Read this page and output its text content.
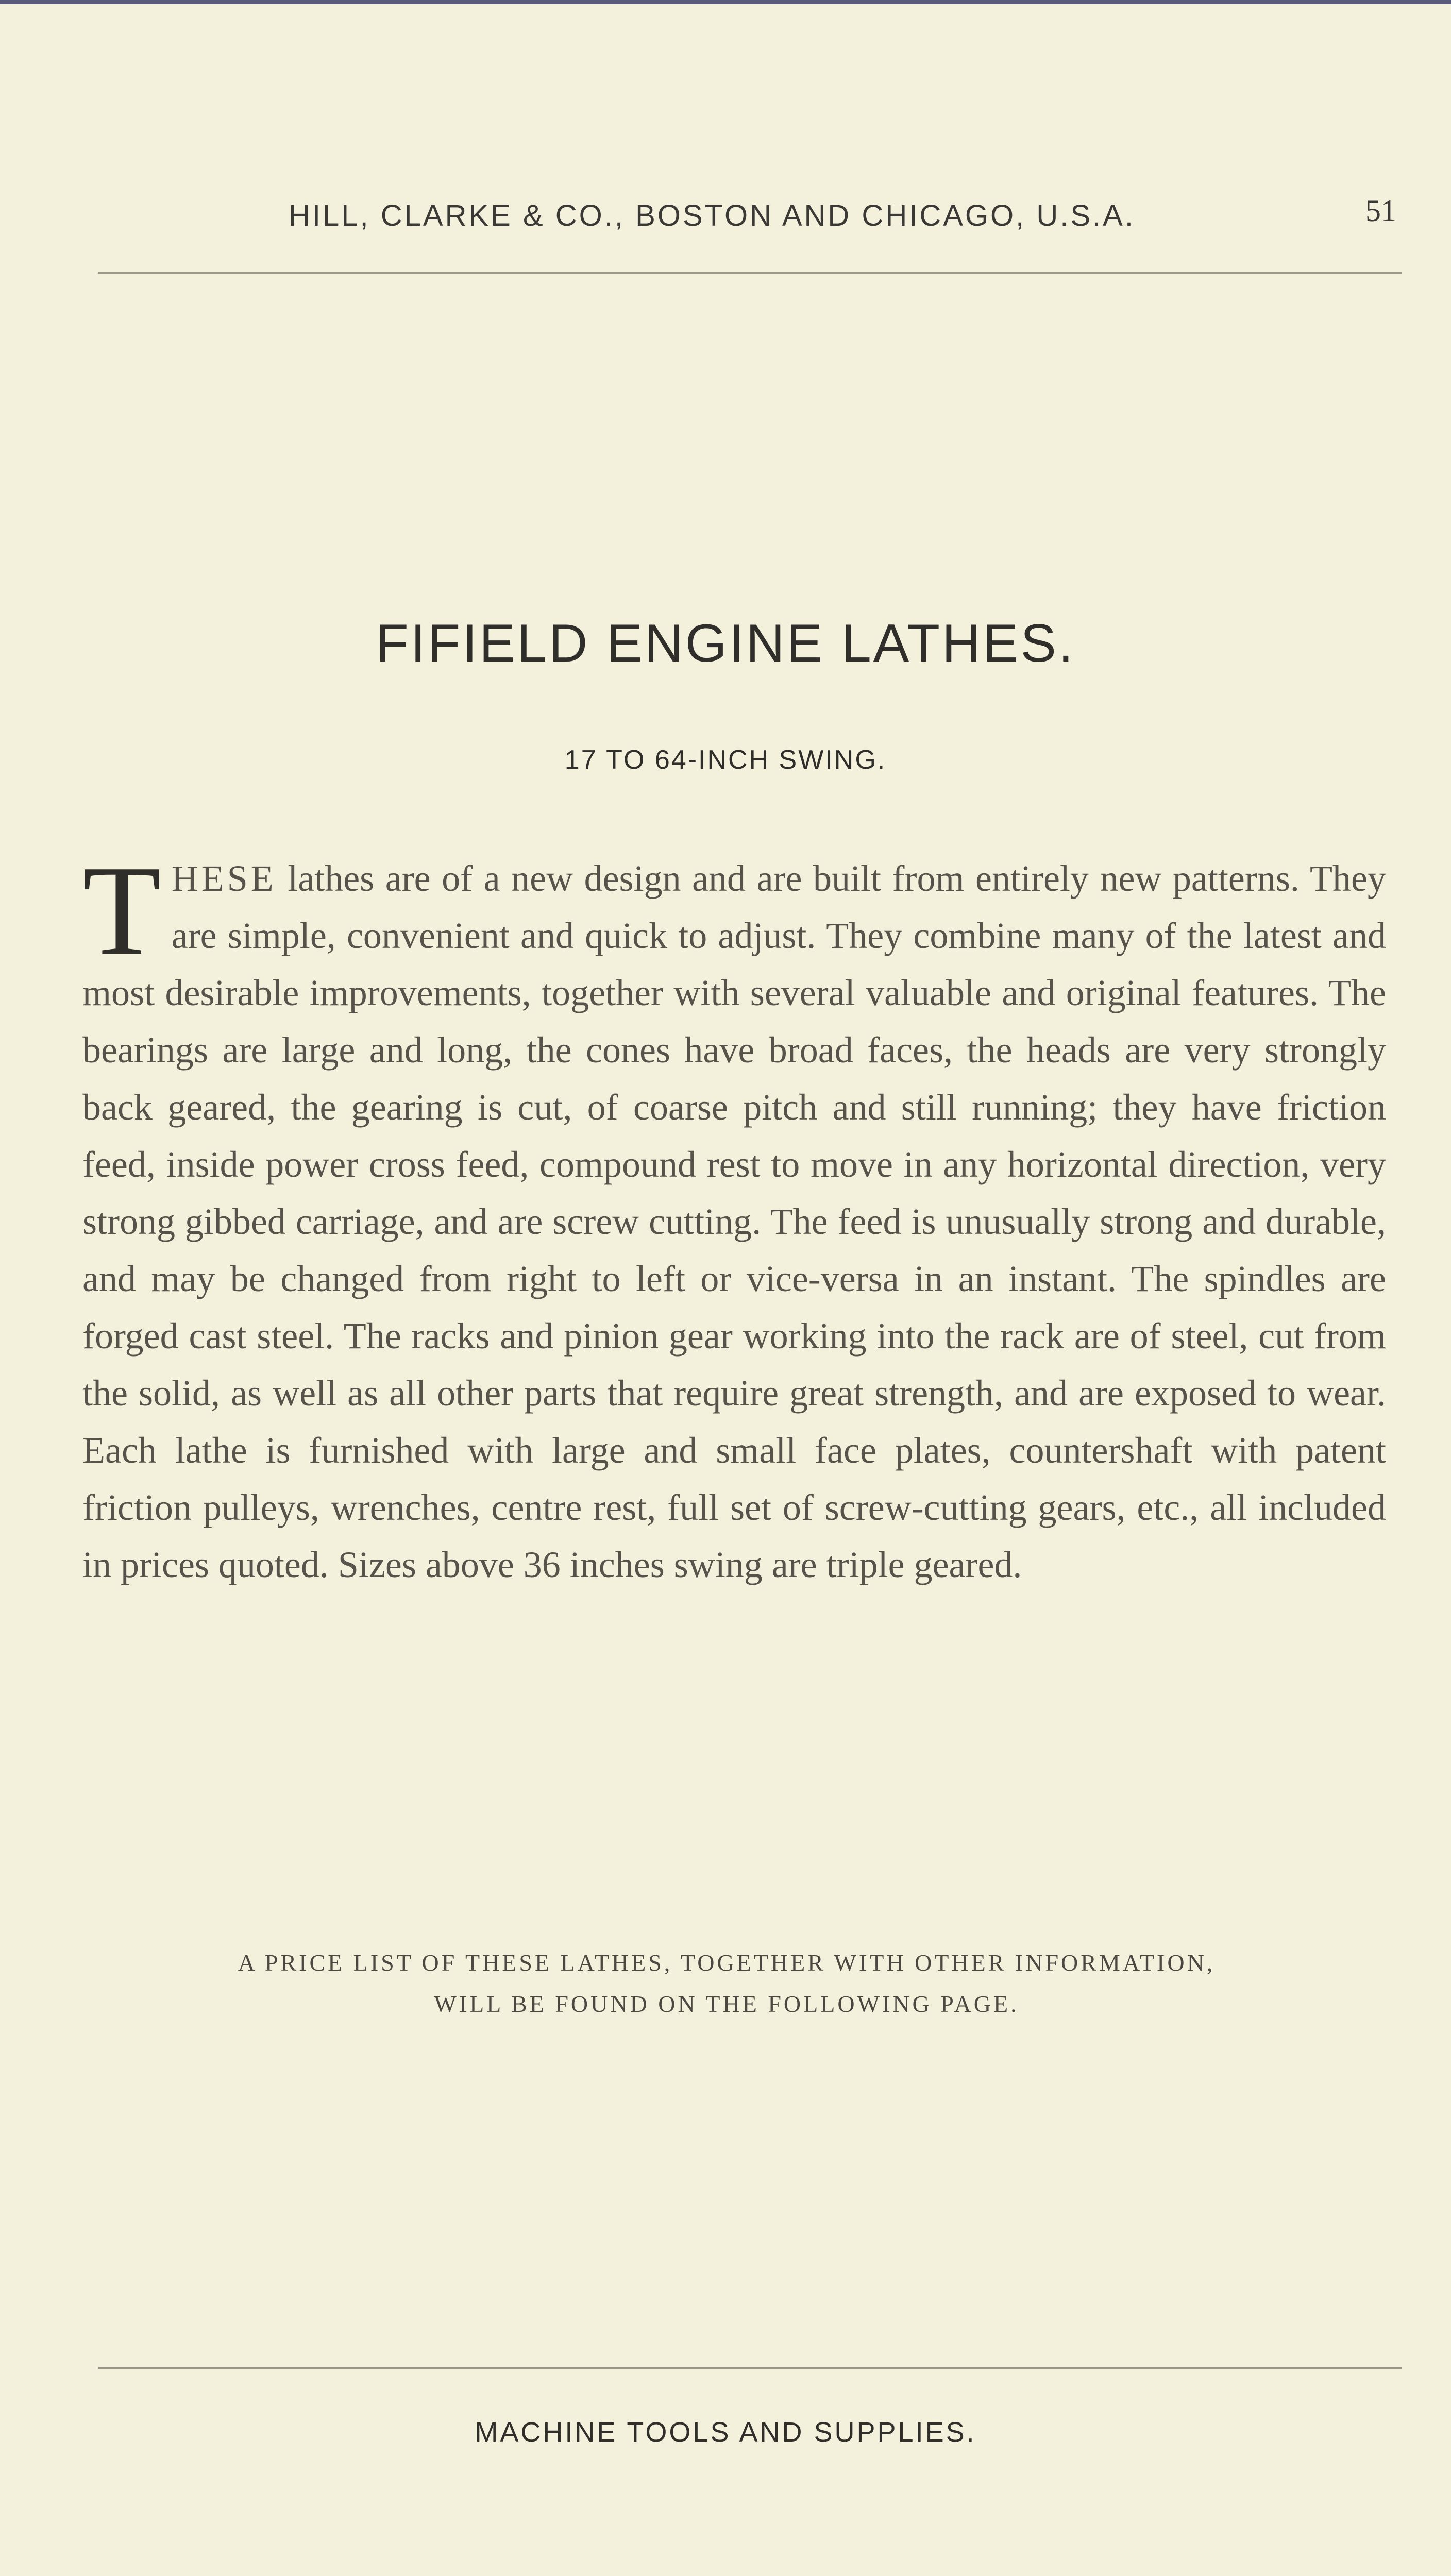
HILL, CLARKE & CO., BOSTON AND CHICAGO, U.S.A.	51
FIFIELD ENGINE LATHES.
17 TO 64-INCH SWING.
THESE lathes are of a new design and are built from entirely new patterns. They are simple, convenient and quick to adjust. They combine many of the latest and most desirable improvements, together with several valuable and original features. The bearings are large and long, the cones have broad faces, the heads are very strongly back geared, the gearing is cut, of coarse pitch and still running; they have friction feed, inside power cross feed, compound rest to move in any horizontal direction, very strong gibbed carriage, and are screw cutting. The feed is unusually strong and durable, and may be changed from right to left or vice-versa in an instant. The spindles are forged cast steel. The racks and pinion gear working into the rack are of steel, cut from the solid, as well as all other parts that require great strength, and are exposed to wear. Each lathe is furnished with large and small face plates, countershaft with patent friction pulleys, wrenches, centre rest, full set of screw-cutting gears, etc., all included in prices quoted. Sizes above 36 inches swing are triple geared.
A PRICE LIST OF THESE LATHES, TOGETHER WITH OTHER INFORMATION,
WILL BE FOUND ON THE FOLLOWING PAGE.
MACHINE TOOLS AND SUPPLIES.
